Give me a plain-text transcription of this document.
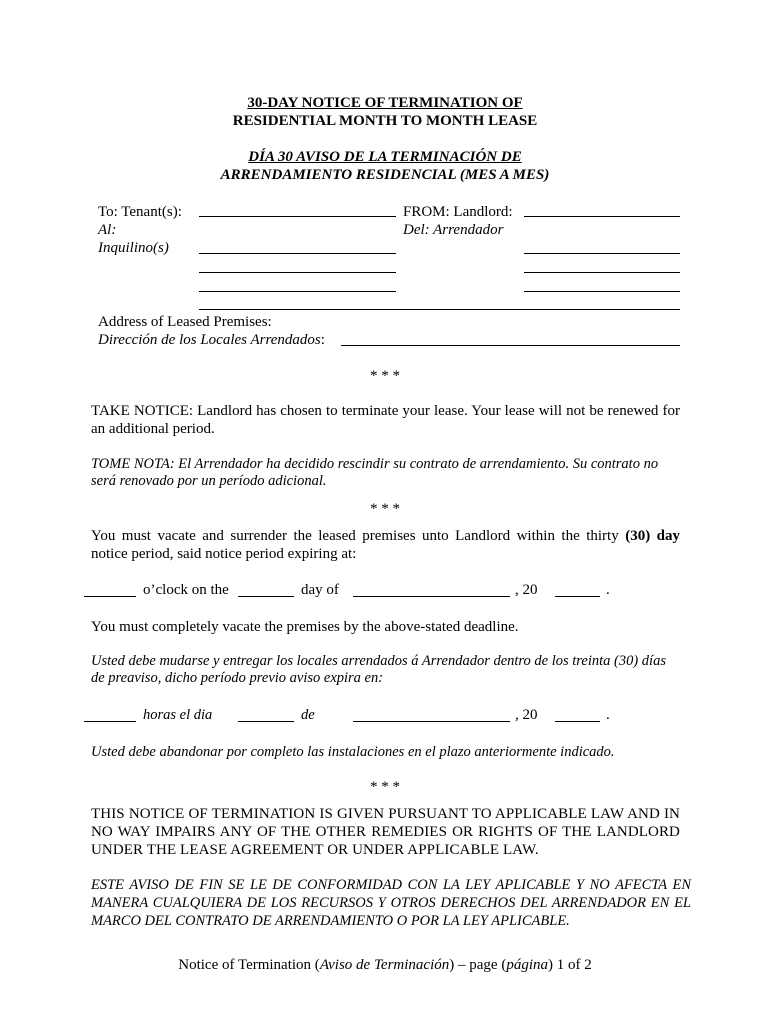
30-DAY NOTICE OF TERMINATION OF
RESIDENTIAL MONTH TO MONTH LEASE
DÍA 30 AVISO DE LA TERMINACIÓN DE
ARRENDAMIENTO RESIDENCIAL (MES A MES)
To: Tenant(s):
Al:
Inquilino(s)
FROM: Landlord:
Del: Arrendador
Address of Leased Premises:
Dirección de los Locales Arrendados:
* * *
TAKE NOTICE: Landlord has chosen to terminate your lease. Your lease will not be renewed for an additional period.
TOME NOTA: El Arrendador ha decidido rescindir su contrato de arrendamiento. Su contrato no será renovado por un período adicional.
* * *
You must vacate and surrender the leased premises unto Landlord within the thirty (30) day notice period, said notice period expiring at:
o’clock on the	day of	, 20	.
You must completely vacate the premises by the above-stated deadline.
Usted debe mudarse y entregar los locales arrendados á Arrendador dentro de los treinta (30) días de preaviso, dicho período previo aviso expira en:
horas el dia	de	, 20	.
Usted debe abandonar por completo las instalaciones en el plazo anteriormente indicado.
* * *
THIS NOTICE OF TERMINATION IS GIVEN PURSUANT TO APPLICABLE LAW AND IN NO WAY IMPAIRS ANY OF THE OTHER REMEDIES OR RIGHTS OF THE LANDLORD UNDER THE LEASE AGREEMENT OR UNDER APPLICABLE LAW.
ESTE AVISO DE FIN SE LE DE CONFORMIDAD CON LA LEY APLICABLE Y NO AFECTA EN MANERA CUALQUIERA DE LOS RECURSOS Y OTROS DERECHOS DEL ARRENDADOR EN EL MARCO DEL CONTRATO DE ARRENDAMIENTO O POR LA LEY APLICABLE.
Notice of Termination (Aviso de Terminación) – page (página) 1 of 2
